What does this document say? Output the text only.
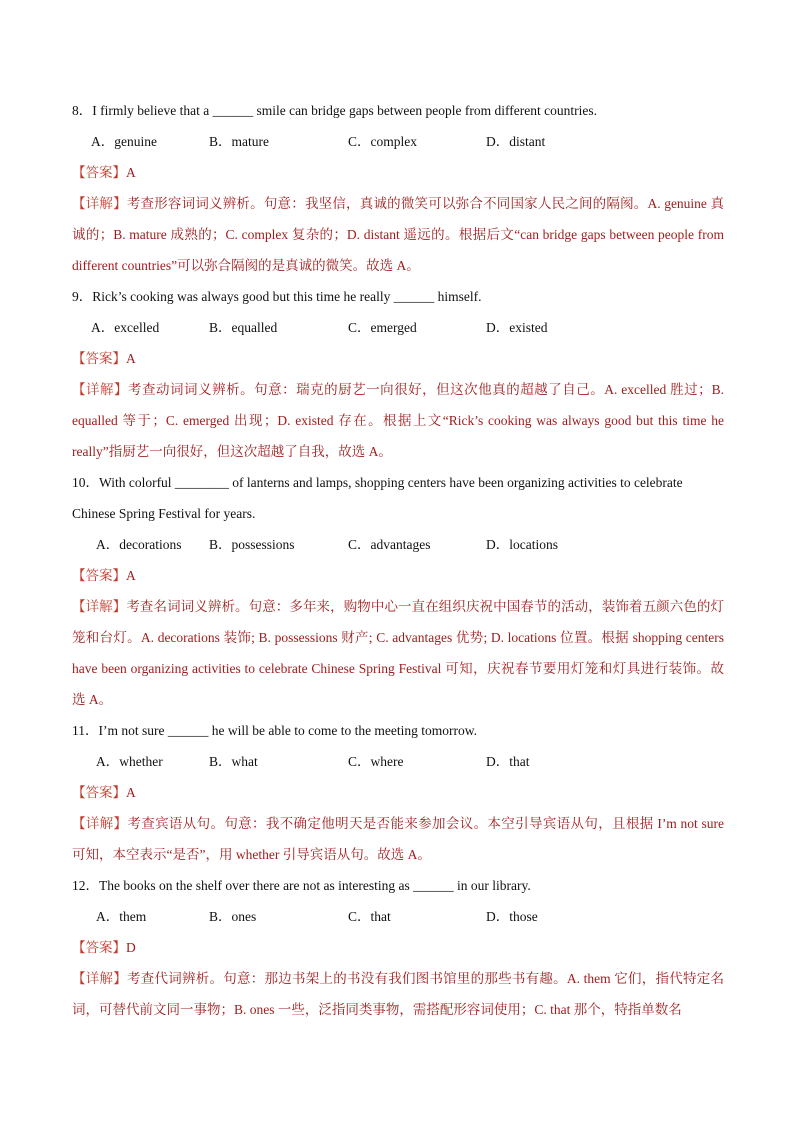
8．I firmly believe that a ______ smile can bridge gaps between people from different countries.
A．genuine	B．mature	C．complex	D．distant
【答案】A
【详解】考查形容词词义辨析。句意：我坚信，真诚的微笑可以弥合不同国家人民之间的隔阂。A. genuine 真诚的；B. mature 成熟的；C. complex 复杂的；D. distant 遥远的。根据后文“can bridge gaps between people from different countries”可以弥合隔阂的是真诚的微笑。故选 A。
9．Rick’s cooking was always good but this time he really ______ himself.
A．excelled	B．equalled	C．emerged	D．existed
【答案】A
【详解】考查动词词义辨析。句意：瑞克的厨艺一向很好，但这次他真的超越了自己。A. excelled 胜过；B. equalled 等于；C. emerged 出现；D. existed 存在。根据上文“Rick’s cooking was always good but this time he really”指厨艺一向很好，但这次超越了自我，故选 A。
10．With colorful ________ of lanterns and lamps, shopping centers have been organizing activities to celebrate
Chinese Spring Festival for years.
A．decorations B．possessions	C．advantages	D．locations
【答案】A
【详解】考查名词词义辨析。句意：多年来，购物中心一直在组织庆祝中国春节的活动，装饰着五颜六色的灯笼和台灯。A. decorations 装饰; B. possessions 财产; C. advantages 优势; D. locations 位置。根据 shopping centers have been organizing activities to celebrate Chinese Spring Festival 可知，庆祝春节要用灯笼和灯具进行装饰。故选 A。
11．I’m not sure ______ he will be able to come to the meeting tomorrow.
A．whether	B．what	C．where	D．that
【答案】A
【详解】考查宾语从句。句意：我不确定他明天是否能来参加会议。本空引导宾语从句，且根据 I’m not sure 可知，本空表示“是否”，用 whether 引导宾语从句。故选 A。
12．The books on the shelf over there are not as interesting as ______ in our library.
A．them	B．ones	C．that	D．those
【答案】D
【详解】考查代词辨析。句意：那边书架上的书没有我们图书馆里的那些书有趣。A. them 它们，指代特定名词，可替代前文同一事物；B. ones 一些，泛指同类事物，需搭配形容词使用；C. that 那个，特指单数名
